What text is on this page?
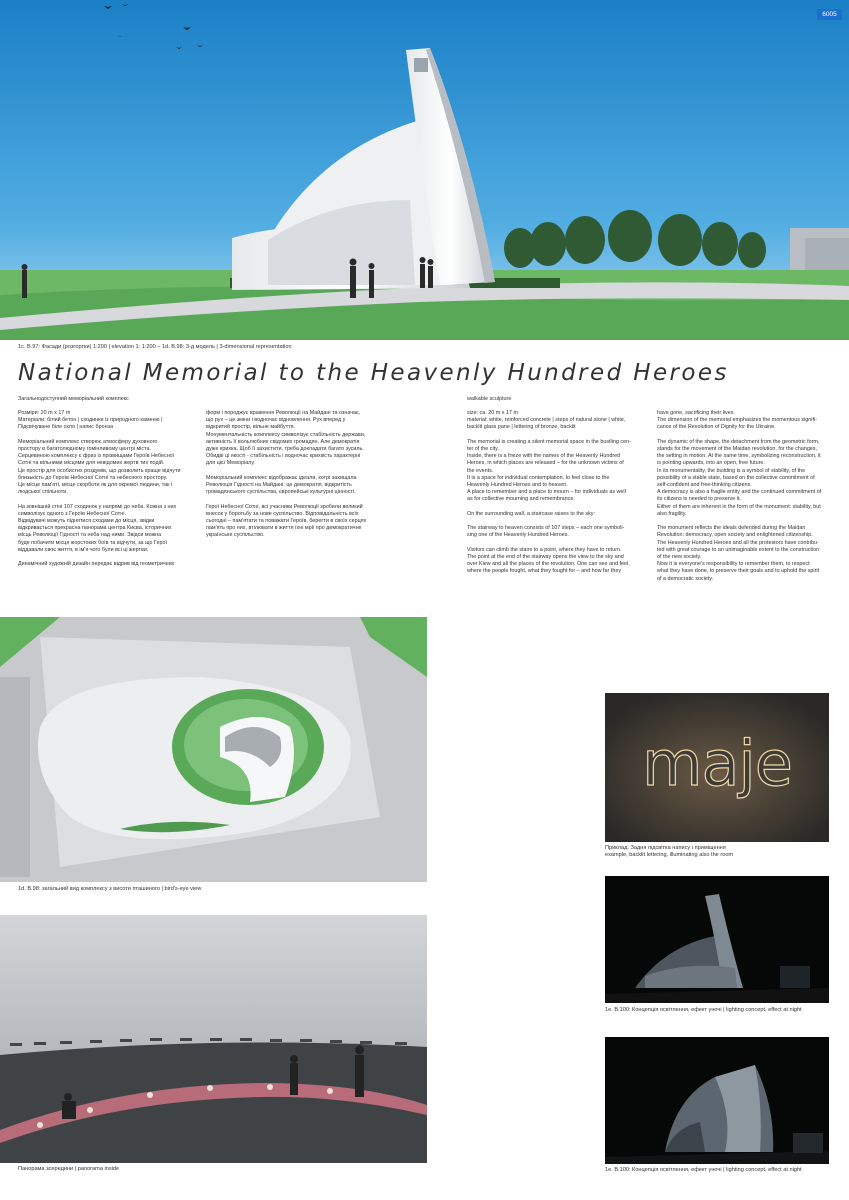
6005
1c. В.97: Фасади (розгортки) 1:200 | elevation 1: 1:200 – 1d. В.98: 3-д модель | 3-dimensional representation
National Memorial to the Heavenly Hundred Heroes
Загальнодоступний меморіальний комплекс
Розміри: 20 m x 17 m
Матеріали: білий бетон | сходинки із природного каменю |
Підсвічуване біле скло | напис бронза

Меморіальний комплекс створює атмосферу духовного
простору в багатолюдному гомінливому центрі міста.
Серцевиною комплексу є фриз із прізвищами Героїв Небесної
Сотні та вільними місцями для невідомих жертв тих подій.
Це простір для особистих роздумів, що дозволить краще відчути
близькість до Героїв Небесної Сотні та небесного простору.
Це місце пам'яті, місце скорботи як для окремої людини, так і
людської спільноти.

На зовнішній стіні 107 сходинок у напрямі до неба. Кожна з них
символізує одного з Героїв Небесної Сотні.
Відвідувачі можуть піднятися сходами до місця, звідки
відкривається прекрасна панорама центра Києва, історичних
місць Революції Гідності та неба над ними. Звідси можна
буде побачити місця жорстоких боїв та відчути, за що Герої
віддавали своє життя, в ім'я чого були всі ці жертви.

Динамічний художній дизайн передає відрив від геометричних
форм і породжує враження Революції на Майдані та означає,
що рух – це зміни і водночас відновлення. Рух вперед у
відкритий простір, вільне майбуття.
Монументальність комплексу символізує стабільність держави,
активність її вольлюбних свідомих громадян. Але демократія
дуже крихка. Щоб її захистити, треба докладати багато зусиль.
Обидві ці якості - стабільність і водночас крихкість характерні
для цієї Меморіалу.

Меморіальний комплекс відображає ідеали, котрі захищала
Революція Гідності на Майдані: це демократія, відкритість
громадянського суспільства, європейські культурні цінності.

Герої Небесної Сотні, всі учасники Революції зробили великий
внесок у боротьбу за нове суспільство. Відповідальність всіх
сьогодні – пам'ятати та поважати Героїв, берегти в своїх серцях
пам'ять про них, втілювати в життя їхні мрії про демократичне
українське суспільство.
walkable sculpture
size: ca. 20 m x 17 m
material: white, reinforced concrete | steps of natural stone | white,
backlit glass pane | lettering of bronze, backlit

The memorial is creating a silent memorial space in the bustling cen-
ter of the city.
Inside, there is a frieze with the names of the Heavenly Hundred
Heroes, in which places are released – for the unknown victims of
the events.
It is a space for individual contemplation, to feel close to the
Heavenly Hundred Heroes and to heaven.
A place to remember and a place to mourn – for individuals as well
as for collective mourning and remembrance.

On the surrounding wall, a staircase raises to the sky:

The stairway to heaven consists of 107 steps – each one symboli-
sing one of the Heavenly Hundred Heroes.

Visitors can climb the stairs to a point, where they have to return.
The point at the end of the stairway opens the view to the sky and
over Kiew and all the places of the revolution. One can see and feel,
where the people fought, what they fought for – and how far they
have gone, sacrificing their lives.
The dimension of the memorial emphasizes the momentous signifi-
cance of the Revolution of Dignity for the Ukraine.

The dynamic of the shape, the detachment from the geometric form,
stands for the movement of the Maidan revolution, for the changes,
the setting in motion. At the same time, symbolizing reconstruction, it
is pointing upwards, into an open, free future.
In its monumentality, the building is a symbol of stability, of the
possibility of a stable state, based on the collective commitment of
self-confident and free-thinking citizens.
A democracy is also a fragile entity and the continued commitment of
its citizens is needed to preserve it.
Either of them are inherent in the form of the monument: stability, but
also fragility.

The monument reflects the ideals defended during the Maidan
Revolution: democracy, open society and enlightened citizenship.
The Heavenly Hundred Heroes and all the protestors have contribu-
ted with great courage to an unimaginable extent to the construction
of the new society.
Now it is everyone's responsibility to remember them, to respect
what they have done, to preserve their goals and to uphold the spirit
of a democratic society.
1d. В.98: загальний вид комплексу з висоти пташиного | bird's-eye view
Панорама зсередини | panorama inside
maje
Приклад: Задня підсвітка напису і приміщення
example, backlit lettering, illuminating also the room
1e. В.100: Концепція освітлення, ефект уночі | lighting concept, effect at night
1e. В.100: Концепція освітлення, ефект уночі | lighting concept, effect at night
